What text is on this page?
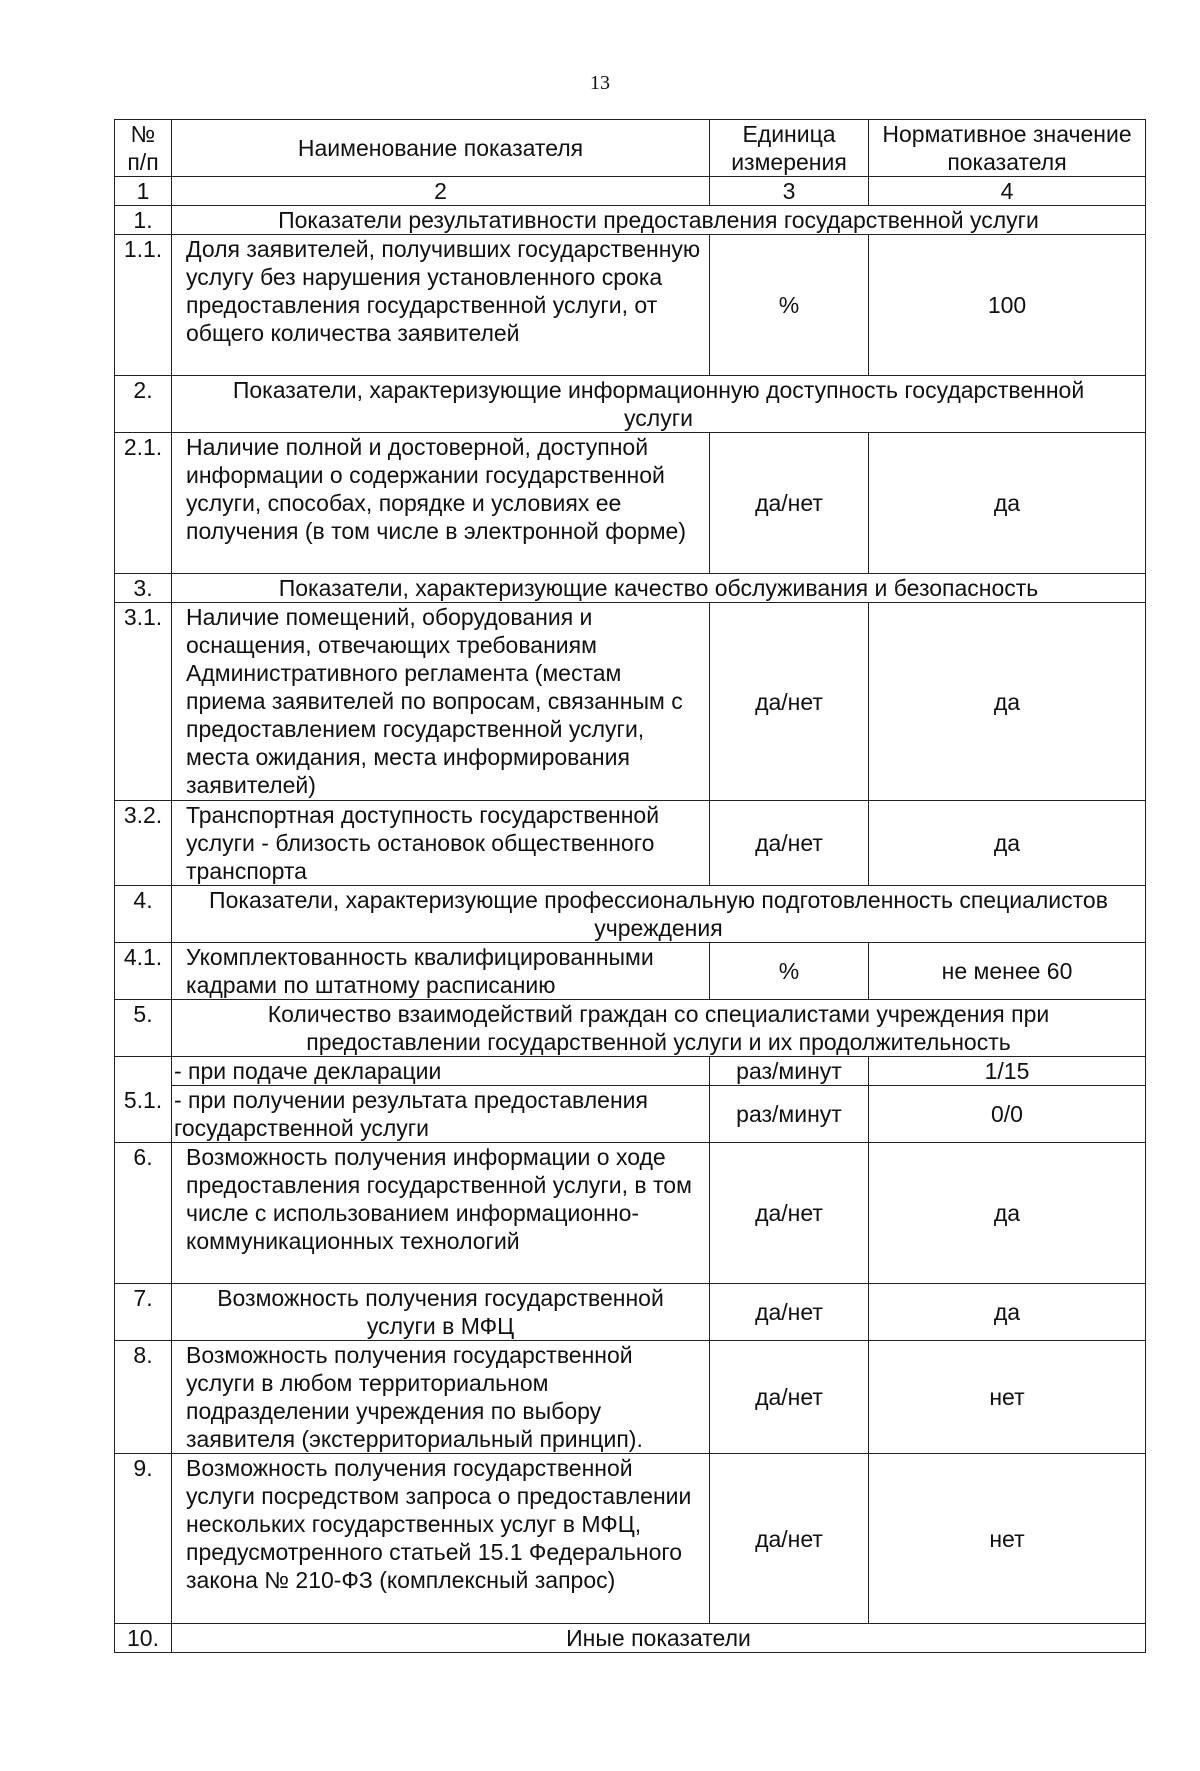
13
№ п/п	Наименование показателя	Единица измерения	Нормативное значение показателя
1	2	3	4
1.	Показатели результативности предоставления государственной услуги		
1.1.	Доля заявителей, получивших государственную услугу без нарушения установленного срока предоставления государственной услуги, от общего количества заявителей	%	100
2.	Показатели, характеризующие информационную доступность государственной услуги		
2.1.	Наличие полной и достоверной, доступной информации о содержании государственной услуги, способах, порядке и условиях ее получения (в том числе в электронной форме)	да/нет	да
3.	Показатели, характеризующие качество обслуживания и безопасность		
3.1.	Наличие помещений, оборудования и оснащения, отвечающих требованиям Административного регламента (местам приема заявителей по вопросам, связанным с предоставлением государственной услуги, места ожидания, места информирования заявителей)	да/нет	да
3.2.	Транспортная доступность государственной услуги - близость остановок общественного транспорта	да/нет	да
4.	Показатели, характеризующие профессиональную подготовленность специалистов учреждения		
4.1.	Укомплектованность квалифицированными кадрами по штатному расписанию	%	не менее 60
5.	Количество взаимодействий граждан со специалистами учреждения при предоставлении государственной услуги и их продолжительность		
5.1.	- при подаче декларации	раз/минут	1/15
	- при получении результата предоставления государственной услуги	раз/минут	0/0
6.	Возможность получения информации о ходе предоставления государственной услуги, в том числе с использованием информационно-коммуникационных технологий	да/нет	да
7.	Возможность получения государственной услуги в МФЦ	да/нет	да
8.	Возможность получения государственной услуги в любом территориальном подразделении учреждения по выбору заявителя (экстерриториальный принцип).	да/нет	нет
9.	Возможность получения государственной услуги посредством запроса о предоставлении нескольких государственных услуг в МФЦ, предусмотренного статьей 15.1 Федерального закона № 210-ФЗ (комплексный запрос)	да/нет	нет
10.	Иные показатели		
